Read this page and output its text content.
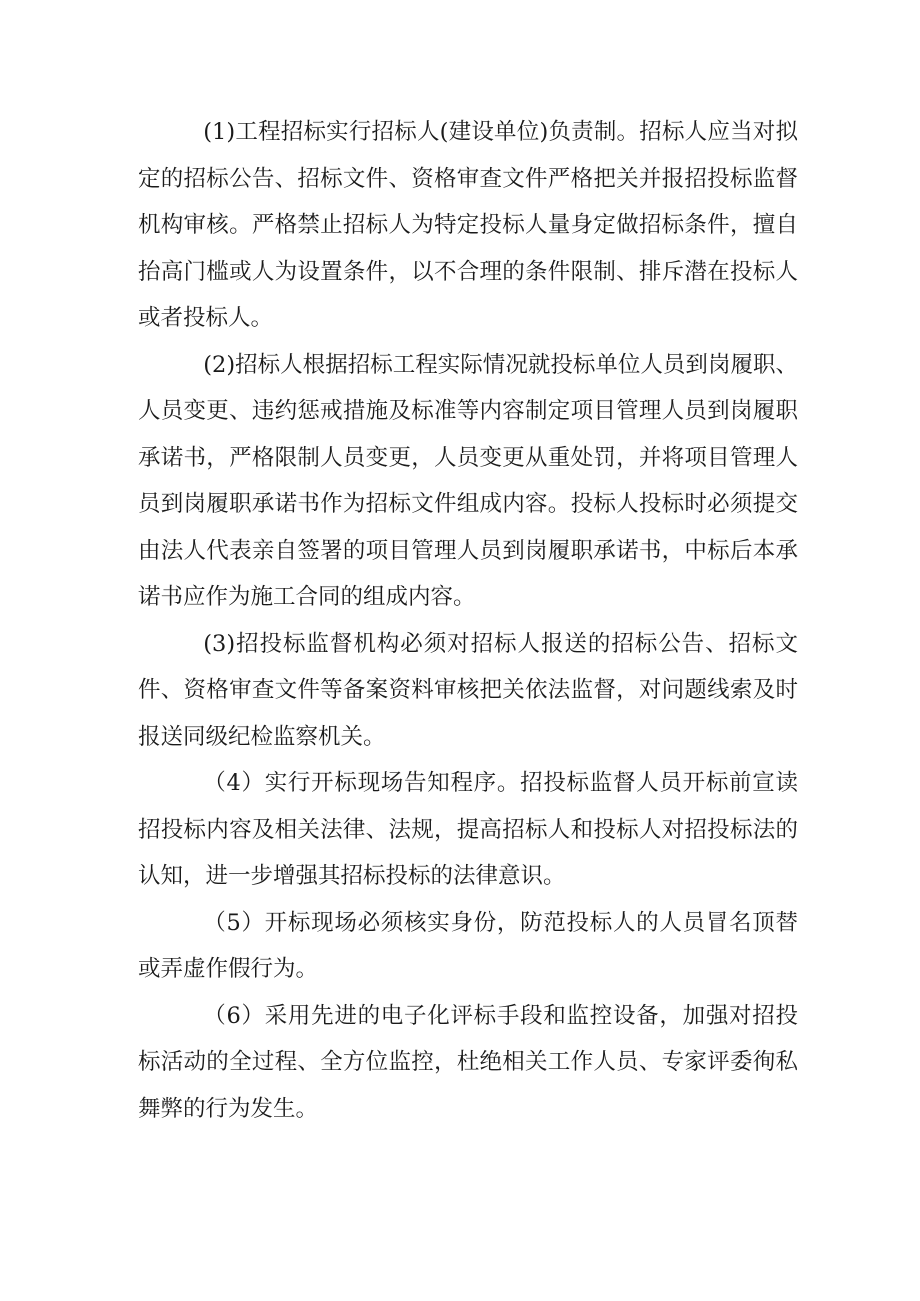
(1)工程招标实行招标人(建设单位)负责制。招标人应当对拟定的招标公告、招标文件、资格审查文件严格把关并报招投标监督机构审核。严格禁止招标人为特定投标人量身定做招标条件，擅自抬高门槛或人为设置条件，以不合理的条件限制、排斥潜在投标人或者投标人。

(2)招标人根据招标工程实际情况就投标单位人员到岗履职、人员变更、违约惩戒措施及标准等内容制定项目管理人员到岗履职承诺书，严格限制人员变更，人员变更从重处罚，并将项目管理人员到岗履职承诺书作为招标文件组成内容。投标人投标时必须提交由法人代表亲自签署的项目管理人员到岗履职承诺书，中标后本承诺书应作为施工合同的组成内容。

(3)招投标监督机构必须对招标人报送的招标公告、招标文件、资格审查文件等备案资料审核把关依法监督，对问题线索及时报送同级纪检监察机关。

（4）实行开标现场告知程序。招投标监督人员开标前宣读招投标内容及相关法律、法规，提高招标人和投标人对招投标法的认知，进一步增强其招标投标的法律意识。

（5）开标现场必须核实身份，防范投标人的人员冒名顶替或弄虚作假行为。

（6）采用先进的电子化评标手段和监控设备，加强对招投标活动的全过程、全方位监控，杜绝相关工作人员、专家评委徇私舞弊的行为发生。
